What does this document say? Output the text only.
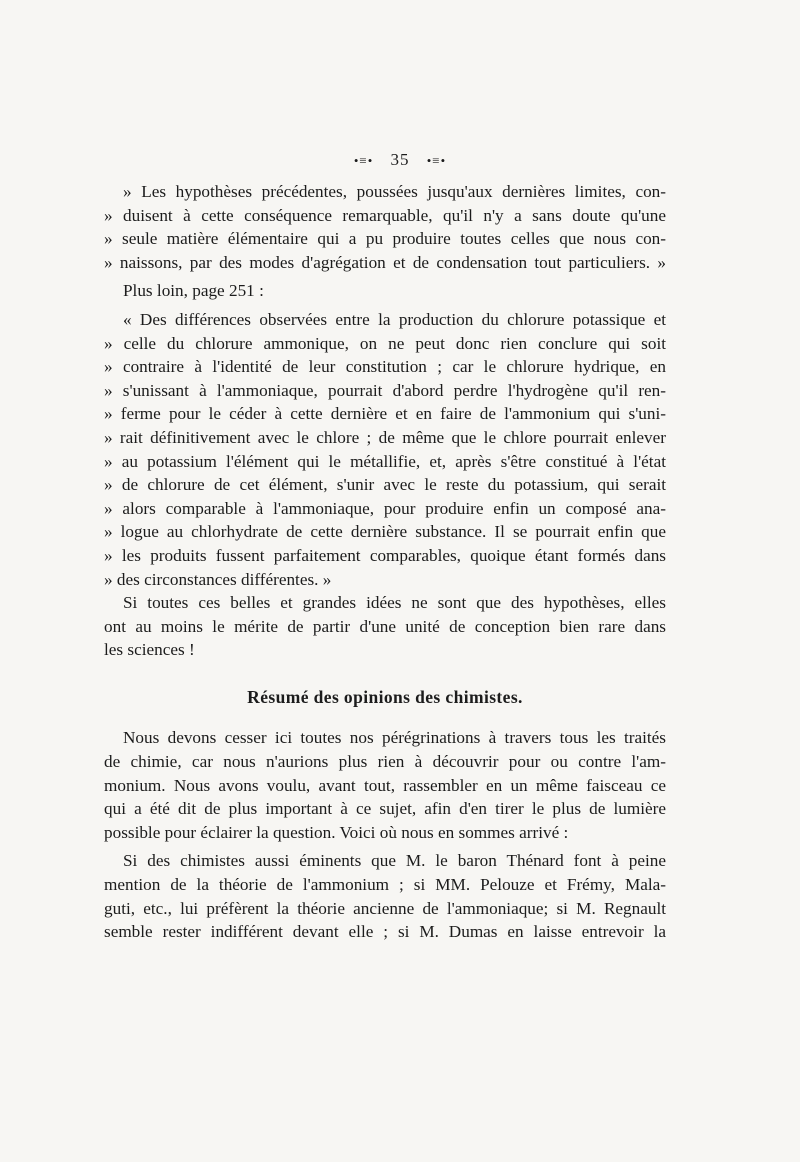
•≡• 35 •≡•
» Les hypothèses précédentes, poussées jusqu'aux dernières limites, con-
» duisent à cette conséquence remarquable, qu'il n'y a sans doute qu'une
» seule matière élémentaire qui a pu produire toutes celles que nous con-
» naissons, par des modes d'agrégation et de condensation tout particuliers. »
Plus loin, page 251 :
« Des différences observées entre la production du chlorure potassique et
» celle du chlorure ammonique, on ne peut donc rien conclure qui soit
» contraire à l'identité de leur constitution ; car le chlorure hydrique, en
» s'unissant à l'ammoniaque, pourrait d'abord perdre l'hydrogène qu'il ren-
» ferme pour le céder à cette dernière et en faire de l'ammonium qui s'uni-
» rait définitivement avec le chlore ; de même que le chlore pourrait enlever
» au potassium l'élément qui le métallifie, et, après s'être constitué à l'état
» de chlorure de cet élément, s'unir avec le reste du potassium, qui serait
» alors comparable à l'ammoniaque, pour produire enfin un composé ana-
» logue au chlorhydrate de cette dernière substance. Il se pourrait enfin que
» les produits fussent parfaitement comparables, quoique étant formés dans
» des circonstances différentes. »
Si toutes ces belles et grandes idées ne sont que des hypothèses, elles
ont au moins le mérite de partir d'une unité de conception bien rare dans
les sciences !
Résumé des opinions des chimistes.
Nous devons cesser ici toutes nos pérégrinations à travers tous les traités
de chimie, car nous n'aurions plus rien à découvrir pour ou contre l'am-
monium. Nous avons voulu, avant tout, rassembler en un même faisceau ce
qui a été dit de plus important à ce sujet, afin d'en tirer le plus de lumière
possible pour éclairer la question. Voici où nous en sommes arrivé :
Si des chimistes aussi éminents que M. le baron Thénard font à peine
mention de la théorie de l'ammonium ; si MM. Pelouze et Frémy, Mala-
guti, etc., lui préfèrent la théorie ancienne de l'ammoniaque; si M. Regnault
semble rester indifférent devant elle ; si M. Dumas en laisse entrevoir la
